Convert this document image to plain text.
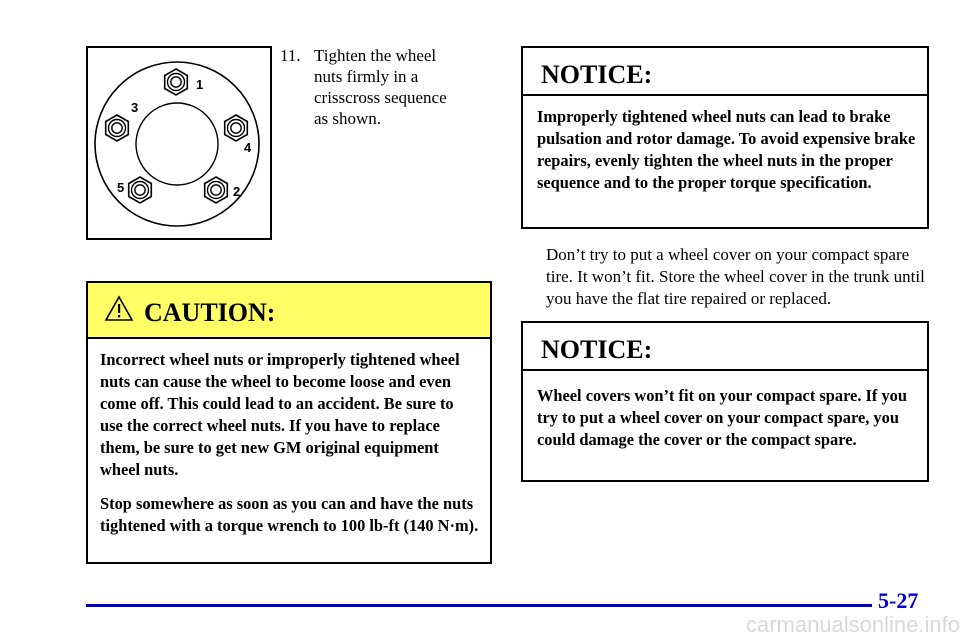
1
2
3
4
5
11. Tighten the wheel
nuts firmly in a
crisscross sequence
as shown.
CAUTION:

Incorrect wheel nuts or improperly tightened wheel nuts can cause the wheel to become loose and even come off. This could lead to an accident. Be sure to use the correct wheel nuts. If you have to replace them, be sure to get new GM original equipment wheel nuts.

Stop somewhere as soon as you can and have the nuts tightened with a torque wrench to 100 lb-ft (140 N·m).

NOTICE:

Improperly tightened wheel nuts can lead to brake pulsation and rotor damage. To avoid expensive brake repairs, evenly tighten the wheel nuts in the proper sequence and to the proper torque specification.

Don’t try to put a wheel cover on your compact spare tire. It won’t fit. Store the wheel cover in the trunk until you have the flat tire repaired or replaced.
NOTICE:

Wheel covers won’t fit on your compact spare. If you try to put a wheel cover on your compact spare, you could damage the cover or the compact spare.

5-27
carmanualsonline.info
